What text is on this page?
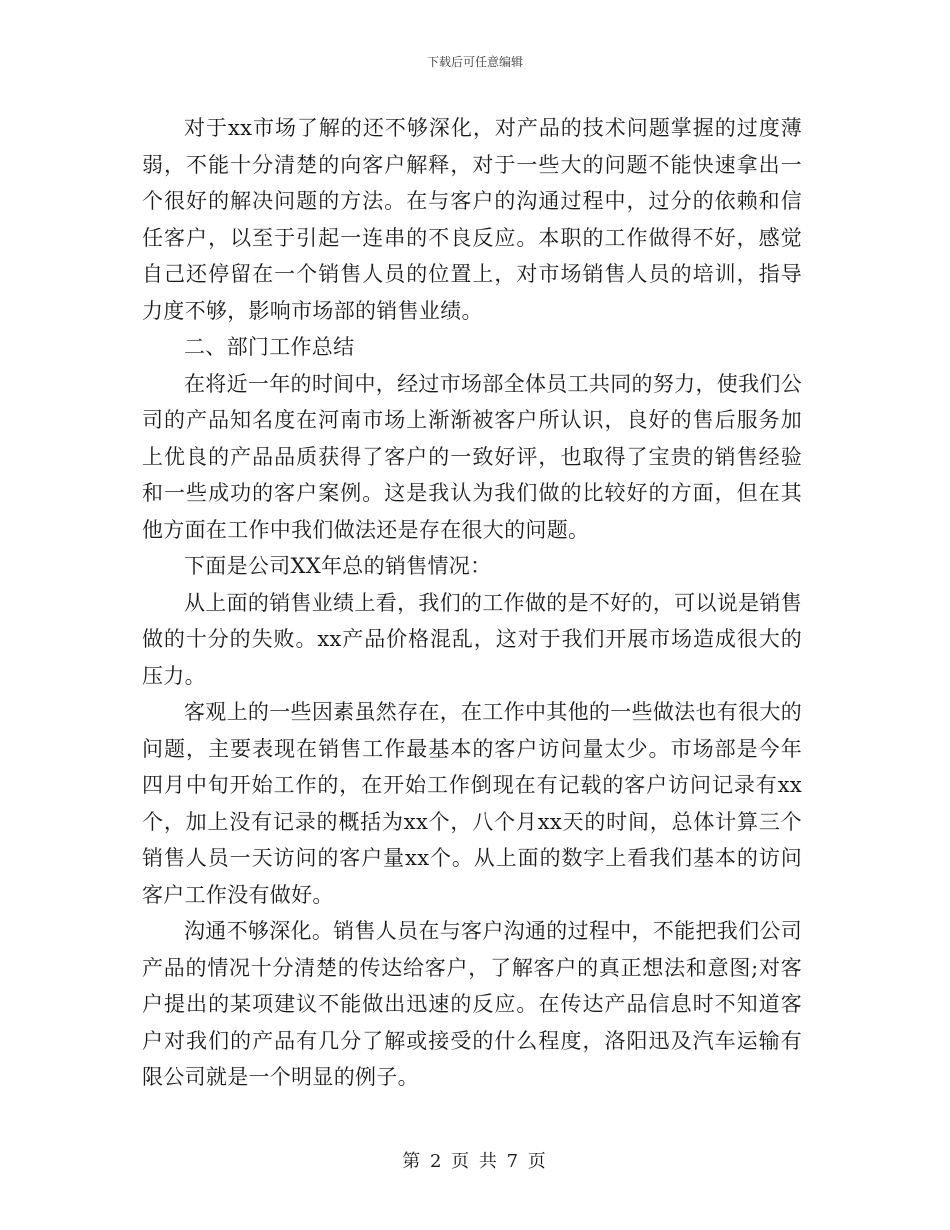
下载后可任意编辑

对于xx市场了解的还不够深化，对产品的技术问题掌握的过度薄弱，不能十分清楚的向客户解释，对于一些大的问题不能快速拿出一个很好的解决问题的方法。在与客户的沟通过程中，过分的依赖和信任客户，以至于引起一连串的不良反应。本职的工作做得不好，感觉自己还停留在一个销售人员的位置上，对市场销售人员的培训，指导力度不够，影响市场部的销售业绩。

二、部门工作总结

在将近一年的时间中，经过市场部全体员工共同的努力，使我们公司的产品知名度在河南市场上渐渐被客户所认识，良好的售后服务加上优良的产品品质获得了客户的一致好评，也取得了宝贵的销售经验和一些成功的客户案例。这是我认为我们做的比较好的方面，但在其他方面在工作中我们做法还是存在很大的问题。

下面是公司XX年总的销售情况：

从上面的销售业绩上看，我们的工作做的是不好的，可以说是销售做的十分的失败。xx产品价格混乱，这对于我们开展市场造成很大的压力。

客观上的一些因素虽然存在，在工作中其他的一些做法也有很大的问题，主要表现在销售工作最基本的客户访问量太少。市场部是今年四月中旬开始工作的，在开始工作倒现在有记载的客户访问记录有xx个，加上没有记录的概括为xx个，八个月xx天的时间，总体计算三个销售人员一天访问的客户量xx个。从上面的数字上看我们基本的访问客户工作没有做好。

沟通不够深化。销售人员在与客户沟通的过程中，不能把我们公司产品的情况十分清楚的传达给客户，了解客户的真正想法和意图;对客户提出的某项建议不能做出迅速的反应。在传达产品信息时不知道客户对我们的产品有几分了解或接受的什么程度，洛阳迅及汽车运输有限公司就是一个明显的例子。

第 2 页 共 7 页
